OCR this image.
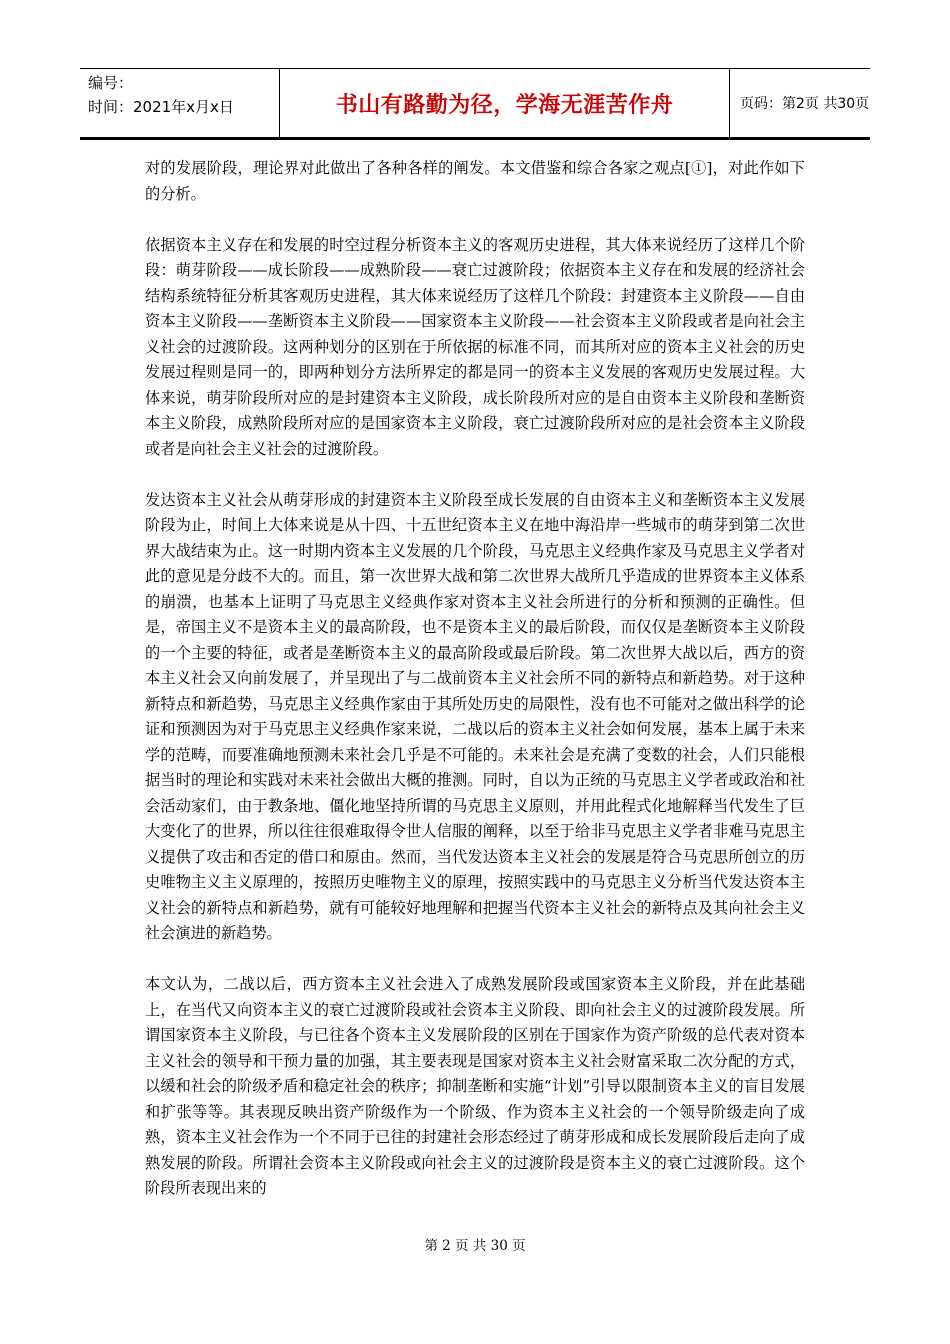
编号：
时间：2021年x月x日	书山有路勤为径，学海无涯苦作舟	页码：第2页 共30页

对的发展阶段，理论界对此做出了各种各样的阐发。本文借鉴和综合各家之观点[①]，对此作如下的分析。

依据资本主义存在和发展的时空过程分析资本主义的客观历史进程，其大体来说经历了这样几个阶段：萌芽阶段——成长阶段——成熟阶段——衰亡过渡阶段；依据资本主义存在和发展的经济社会结构系统特征分析其客观历史进程，其大体来说经历了这样几个阶段：封建资本主义阶段——自由资本主义阶段——垄断资本主义阶段——国家资本主义阶段——社会资本主义阶段或者是向社会主义社会的过渡阶段。这两种划分的区别在于所依据的标准不同，而其所对应的资本主义社会的历史发展过程则是同一的，即两种划分方法所界定的都是同一的资本主义发展的客观历史发展过程。大体来说，萌芽阶段所对应的是封建资本主义阶段，成长阶段所对应的是自由资本主义阶段和垄断资本主义阶段，成熟阶段所对应的是国家资本主义阶段，衰亡过渡阶段所对应的是社会资本主义阶段或者是向社会主义社会的过渡阶段。

发达资本主义社会从萌芽形成的封建资本主义阶段至成长发展的自由资本主义和垄断资本主义发展阶段为止，时间上大体来说是从十四、十五世纪资本主义在地中海沿岸一些城市的萌芽到第二次世界大战结束为止。这一时期内资本主义发展的几个阶段，马克思主义经典作家及马克思主义学者对此的意见是分歧不大的。而且，第一次世界大战和第二次世界大战所几乎造成的世界资本主义体系的崩溃，也基本上证明了马克思主义经典作家对资本主义社会所进行的分析和预测的正确性。但是，帝国主义不是资本主义的最高阶段，也不是资本主义的最后阶段，而仅仅是垄断资本主义阶段的一个主要的特征，或者是垄断资本主义的最高阶段或最后阶段。第二次世界大战以后，西方的资本主义社会又向前发展了，并呈现出了与二战前资本主义社会所不同的新特点和新趋势。对于这种新特点和新趋势，马克思主义经典作家由于其所处历史的局限性，没有也不可能对之做出科学的论证和预测因为对于马克思主义经典作家来说，二战以后的资本主义社会如何发展，基本上属于未来学的范畴，而要准确地预测未来社会几乎是不可能的。未来社会是充满了变数的社会，人们只能根据当时的理论和实践对未来社会做出大概的推测。同时，自以为正统的马克思主义学者或政治和社会活动家们，由于教条地、僵化地坚持所谓的马克思主义原则，并用此程式化地解释当代发生了巨大变化了的世界，所以往往很难取得令世人信服的阐释，以至于给非马克思主义学者非难马克思主义提供了攻击和否定的借口和原由。然而，当代发达资本主义社会的发展是符合马克思所创立的历史唯物主义主义原理的，按照历史唯物主义的原理，按照实践中的马克思主义分析当代发达资本主义社会的新特点和新趋势，就有可能较好地理解和把握当代资本主义社会的新特点及其向社会主义社会演进的新趋势。

本文认为，二战以后，西方资本主义社会进入了成熟发展阶段或国家资本主义阶段，并在此基础上，在当代又向资本主义的衰亡过渡阶段或社会资本主义阶段、即向社会主义的过渡阶段发展。所谓国家资本主义阶段，与已往各个资本主义发展阶段的区别在于国家作为资产阶级的总代表对资本主义社会的领导和干预力量的加强，其主要表现是国家对资本主义社会财富采取二次分配的方式，以缓和社会的阶级矛盾和稳定社会的秩序；抑制垄断和实施“计划”引导以限制资本主义的盲目发展和扩张等等。其表现反映出资产阶级作为一个阶级、作为资本主义社会的一个领导阶级走向了成熟，资本主义社会作为一个不同于已往的封建社会形态经过了萌芽形成和成长发展阶段后走向了成熟发展的阶段。所谓社会资本主义阶段或向社会主义的过渡阶段是资本主义的衰亡过渡阶段。这个阶段所表现出来的

第 2 页 共 30 页
